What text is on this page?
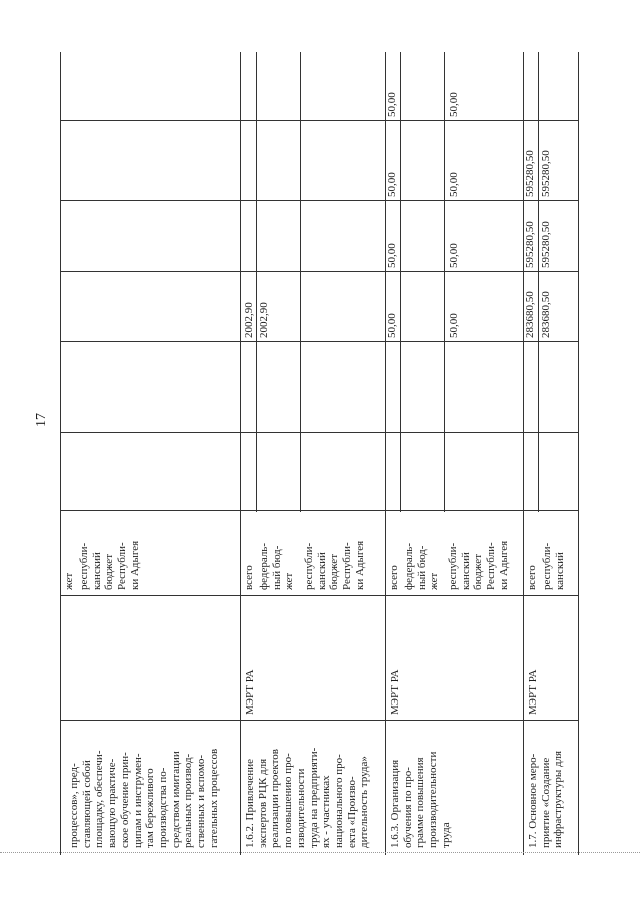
17
процессов», пред-
ставляющей собой
площадку, обеспечи-
вающую практиче-
ское обучение прин-
ципам и инструмен-
там бережливого
производства по-
средством имитации
реальных производ-
ственных и вспомо-
гательных процессов
жет республи-
канский
бюджет
Республи-
ки Адыгея
1.6.2. Привлечение
экспертов РЦК для
реализации проектов
по повышению про-
изводительности
труда на предприяти-
ях - участниках
национального про-
екта «Произво-
дительность труда»
МЭРТ РА
всего федераль-
ный бюд-
жет республи-
канский
бюджет
Республи-
ки Адыгея
2002,90 2002,90
1.6.3. Организация
обучения по про-
грамме повышения
производительности
труда
МЭРТ РА
всего федераль-
ный бюд-
жет республи-
канский
бюджет
Республи-
ки Адыгея
50,00
50,00
50,00
50,00
50,00
50,00
50,00
50,00
1.7. Основное меро-
приятие «Создание
инфраструктуры для
МЭРТ РА
всего республи-
канский
283680,50
595280,50
595280,50
283680,50
595280,50
595280,50
